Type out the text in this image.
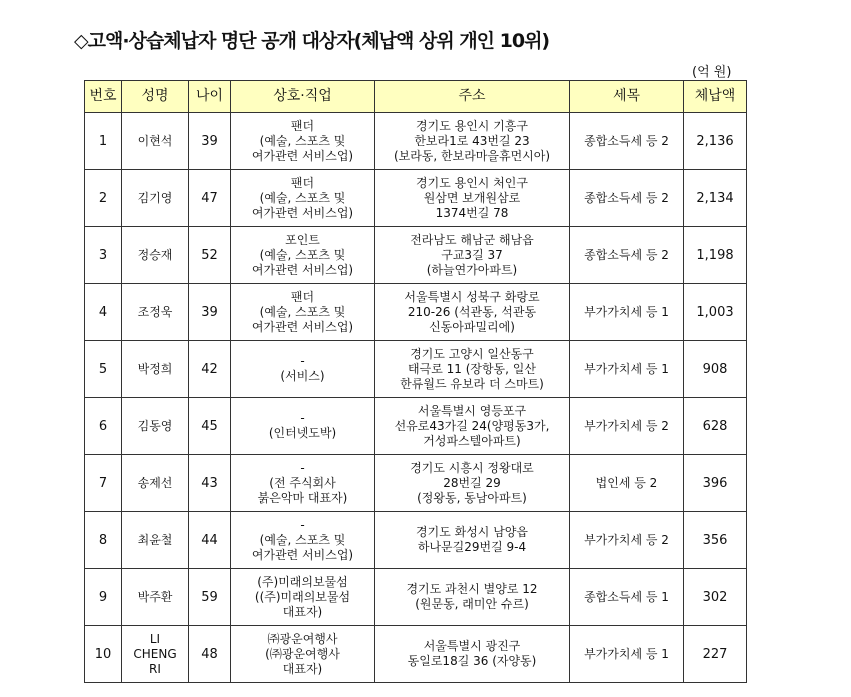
◇고액·상습체납자 명단 공개 대상자(체납액 상위 개인 10위)
(억 원)
번호	성명	나이	상호·직업	주소	세목	체납액
1	이현석	39	팬더
(예술, 스포츠 및
여가관련 서비스업)	경기도 용인시 기흥구
한보라1로 43번길 23
(보라동, 한보라마을휴먼시아)	종합소득세 등 2	2,136
2	김기영	47	팬더
(예술, 스포츠 및
여가관련 서비스업)	경기도 용인시 처인구
원삼면 보개원삼로
1374번길 78	종합소득세 등 2	2,134
3	정승재	52	포인트
(예술, 스포츠 및
여가관련 서비스업)	전라남도 해남군 해남읍
구교3길 37
(하늘연가아파트)	종합소득세 등 2	1,198
4	조정욱	39	팬더
(예술, 스포츠 및
여가관련 서비스업)	서울특별시 성북구 화랑로
210-26 (석관동, 석관동
신동아파밀리에)	부가가치세 등 1	1,003
5	박정희	42	-
(서비스)	경기도 고양시 일산동구
태극로 11 (장항동, 일산
한류월드 유보라 더 스마트)	부가가치세 등 1	908
6	김동영	45	-
(인터넷도박)	서울특별시 영등포구
선유로43가길 24(양평동3가,
거성파스텔아파트)	부가가치세 등 2	628
7	송제선	43	-
(전 주식회사
붉은악마 대표자)	경기도 시흥시 정왕대로
28번길 29
(정왕동, 동남아파트)	법인세 등 2	396
8	최윤철	44	-
(예술, 스포츠 및
여가관련 서비스업)	경기도 화성시 남양읍
하나문길29번길 9-4	부가가치세 등 2	356
9	박주환	59	(주)미래의보물섬
((주)미래의보물섬
대표자)	경기도 과천시 별양로 12
(원문동, 래미안 슈르)	종합소득세 등 1	302
10	LI
CHENG
RI	48	㈜광운여행사
(㈜광운여행사
대표자)	서울특별시 광진구
동일로18길 36 (자양동)	부가가치세 등 1	227
